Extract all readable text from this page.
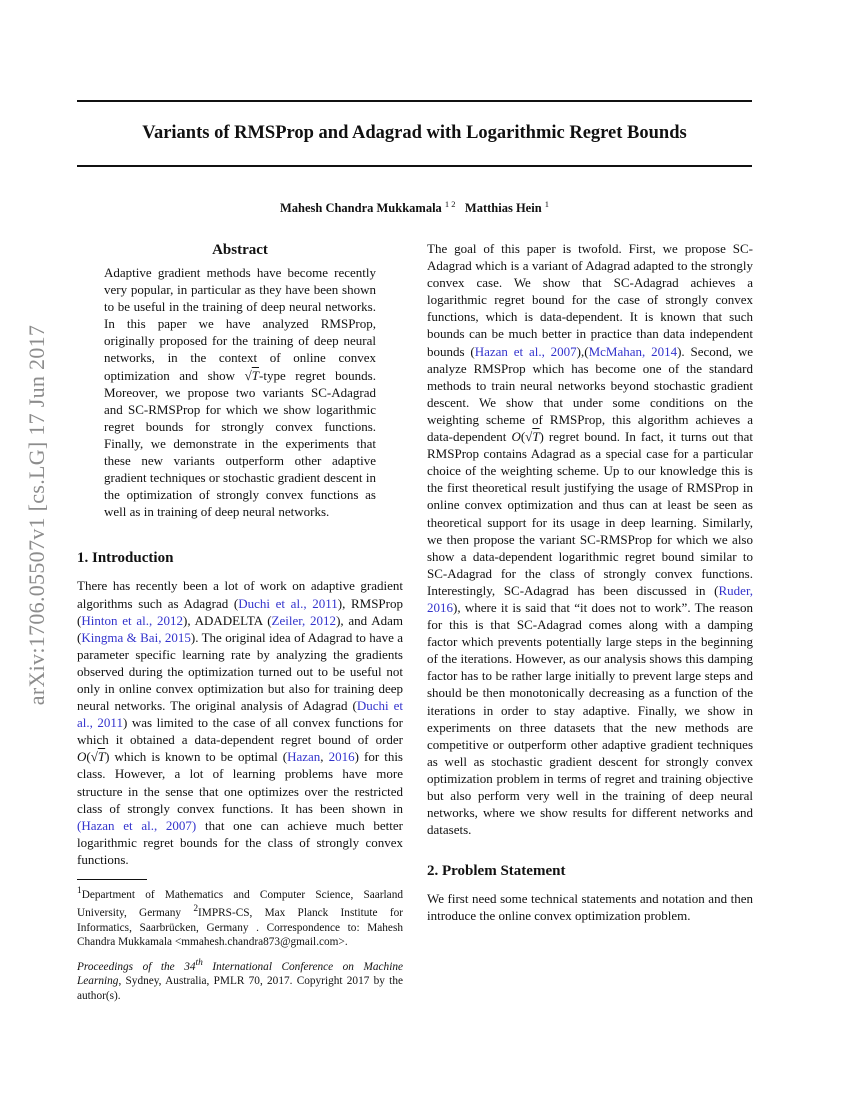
Variants of RMSProp and Adagrad with Logarithmic Regret Bounds
Mahesh Chandra Mukkamala $^{1 2}$ Matthias Hein $^1$
arXiv:1706.05507v1 [cs.LG] 17 Jun 2017
Abstract
Adaptive gradient methods have become recently very popular, in particular as they have been shown to be useful in the training of deep neural networks. In this paper we have analyzed RMSProp, originally proposed for the training of deep neural networks, in the context of online convex optimization and show √T-type regret bounds. Moreover, we propose two variants SC-Adagrad and SC-RMSProp for which we show logarithmic regret bounds for strongly convex functions. Finally, we demonstrate in the experiments that these new variants outperform other adaptive gradient techniques or stochastic gradient descent in the optimization of strongly convex functions as well as in training of deep neural networks.
1. Introduction

There has recently been a lot of work on adaptive gradient algorithms such as Adagrad (Duchi et al., 2011), RMSProp (Hinton et al., 2012), ADADELTA (Zeiler, 2012), and Adam (Kingma & Bai, 2015). The original idea of Adagrad to have a parameter specific learning rate by analyzing the gradients observed during the optimization turned out to be useful not only in online convex optimization but also for training deep neural networks. The original analysis of Adagrad (Duchi et al., 2011) was limited to the case of all convex functions for which it obtained a data-dependent regret bound of order O(√T) which is known to be optimal (Hazan, 2016) for this class. However, a lot of learning problems have more structure in the sense that one optimizes over the restricted class of strongly convex functions. It has been shown in (Hazan et al., 2007) that one can achieve much better logarithmic regret bounds for the class of strongly convex functions.

$^1$Department of Mathematics and Computer Science, Saarland University, Germany $^2$IMPRS-CS, Max Planck Institute for Informatics, Saarbrücken, Germany . Correspondence to: Mahesh Chandra Mukkamala <mmahesh.chandra873@gmail.com>.
Proceedings of the 34th International Conference on Machine Learning, Sydney, Australia, PMLR 70, 2017. Copyright 2017 by the author(s).

The goal of this paper is twofold. First, we propose SC-Adagrad which is a variant of Adagrad adapted to the strongly convex case. We show that SC-Adagrad achieves a logarithmic regret bound for the case of strongly convex functions, which is data-dependent. It is known that such bounds can be much better in practice than data independent bounds (Hazan et al., 2007),(McMahan, 2014). Second, we analyze RMSProp which has become one of the standard methods to train neural networks beyond stochastic gradient descent. We show that under some conditions on the weighting scheme of RMSProp, this algorithm achieves a data-dependent O(√T) regret bound. In fact, it turns out that RMSProp contains Adagrad as a special case for a particular choice of the weighting scheme. Up to our knowledge this is the first theoretical result justifying the usage of RMSProp in online convex optimization and thus can at least be seen as theoretical support for its usage in deep learning. Similarly, we then propose the variant SC-RMSProp for which we also show a data-dependent logarithmic regret bound similar to SC-Adagrad for the class of strongly convex functions. Interestingly, SC-Adagrad has been discussed in (Ruder, 2016), where it is said that “it does not to work”. The reason for this is that SC-Adagrad comes along with a damping factor which prevents potentially large steps in the beginning of the iterations. However, as our analysis shows this damping factor has to be rather large initially to prevent large steps and should be then monotonically decreasing as a function of the iterations in order to stay adaptive. Finally, we show in experiments on three datasets that the new methods are competitive or outperform other adaptive gradient techniques as well as stochastic gradient descent for strongly convex optimization problem in terms of regret and training objective but also perform very well in the training of deep neural networks, where we show results for different networks and datasets.

2. Problem Statement

We first need some technical statements and notation and then introduce the online convex optimization problem.
